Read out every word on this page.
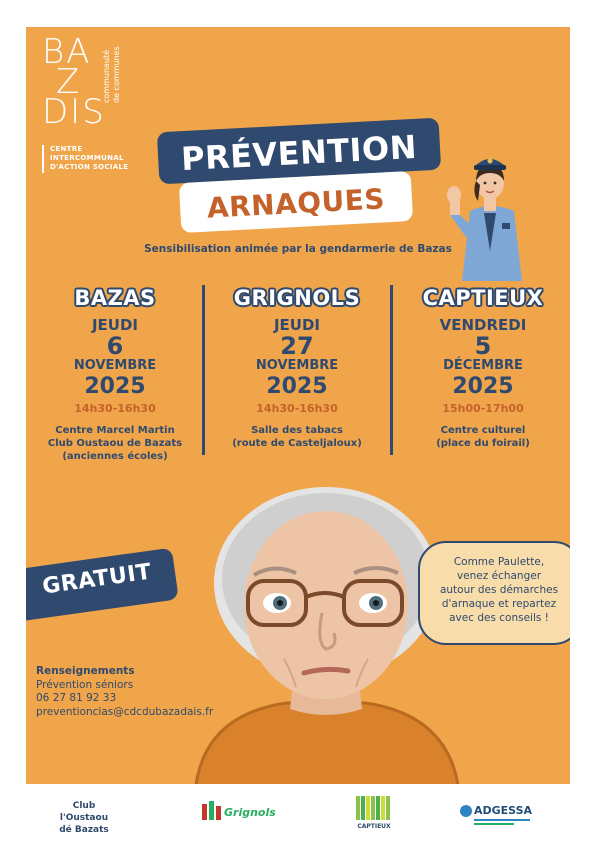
BA
Z
DIS
communauté de communes
CENTRE
INTERCOMMUNAL
D'ACTION SOCIALE	PRÉVENTION
ARNAQUES
Sensibilisation animée par la gendarmerie de Bazas
BAZAS
JEUDI
6
NOVEMBRE
2025
14h30-16h30
Centre Marcel Martin
Club Oustaou de Bazats
(anciennes écoles)
GRIGNOLS
JEUDI
27
NOVEMBRE
2025
14h30-16h30
Salle des tabacs
(route de Casteljaloux)
CAPTIEUX
VENDREDI
5
DÉCEMBRE
2025
15h00-17h00
Centre culturel
(place du foirail)
Comme Paulette,
venez échanger
autour des démarches
d'arnaque et repartez
avec des conseils !
GRATUIT
Renseignements
Prévention séniors
06 27 81 92 33
preventioncias@cdcdubazadais.fr
Club l'Oustaou
dé Bazats
Grignols
CAPTIEUX
ADGESSA
